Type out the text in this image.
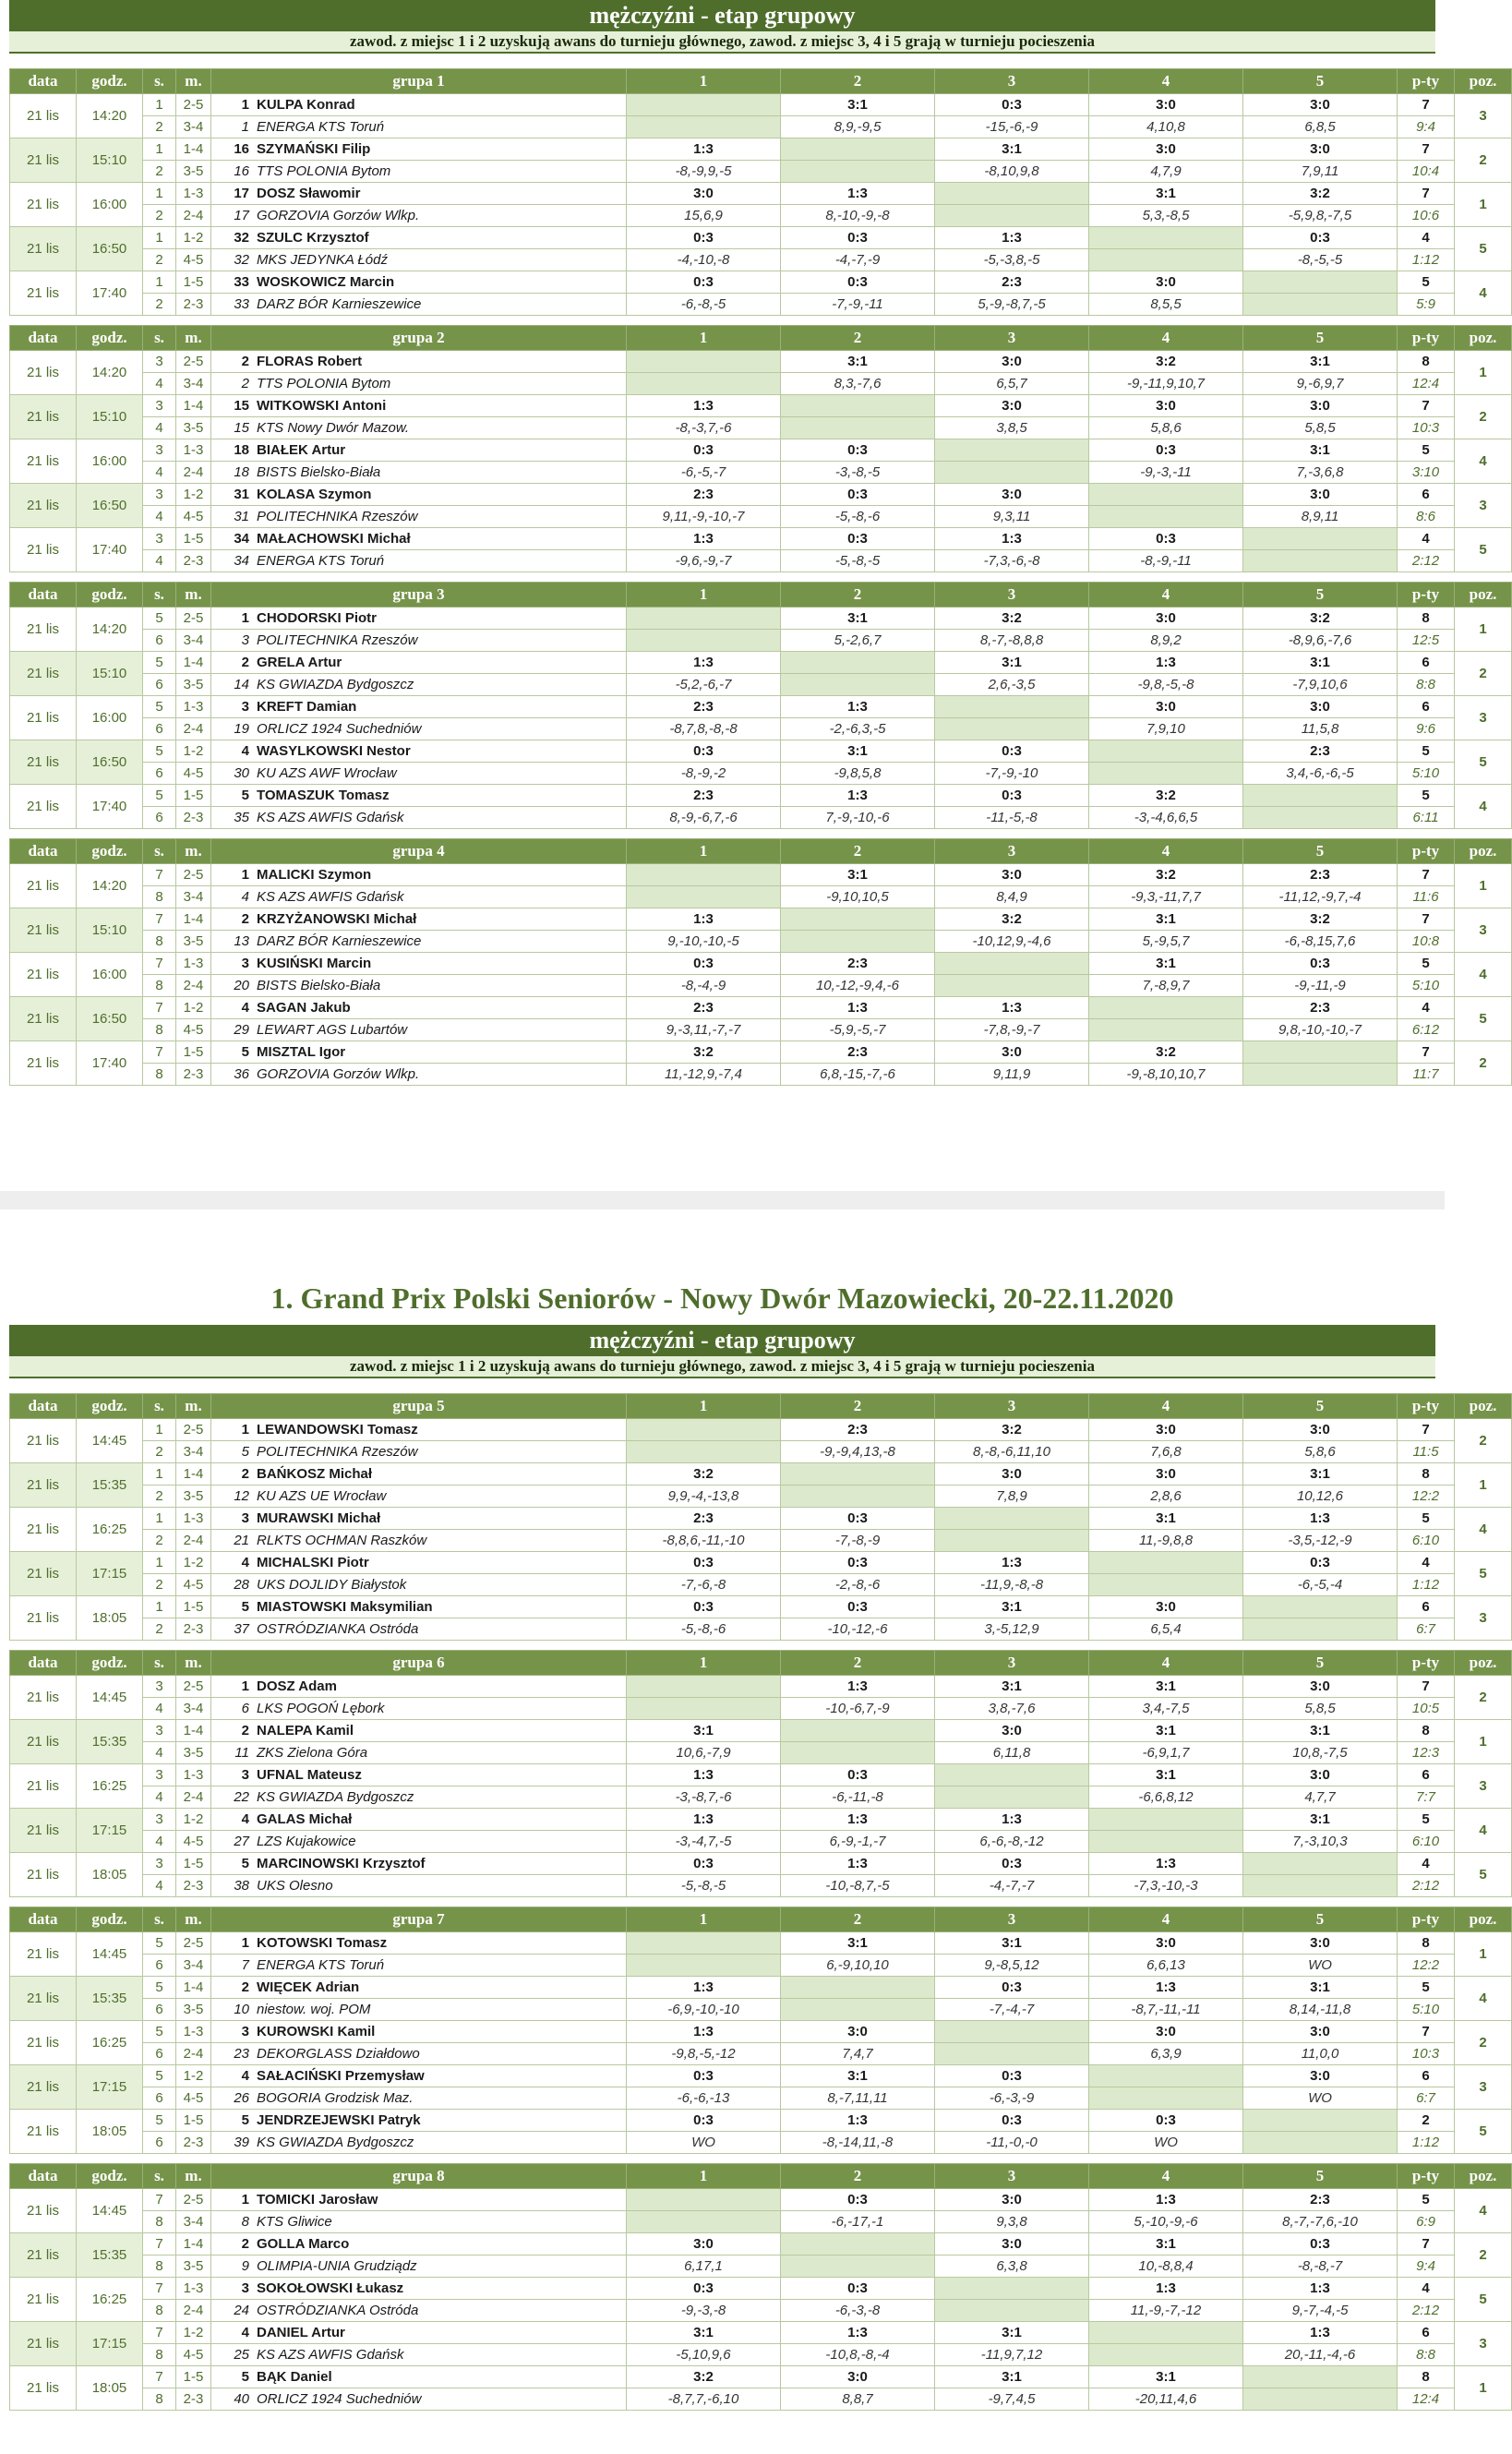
mężczyźni - etap grupowy
zawod. z miejsc 1 i 2 uzyskują awans do turnieju głównego, zawod. z miejsc 3, 4 i 5 grają w turnieju pocieszenia
data	godz.	s.	m.	grupa 1	1	2	3	4	5	p-ty	poz.
21 lis	14:20	1	2-5	1 KULPA Konrad		3:1	0:3	3:0	3:0	7	3
		2	3-4	1 ENERGA KTS Toruń		8,9,-9,5	-15,-6,-9	4,10,8	6,8,5	9:4	
21 lis	15:10	1	1-4	16 SZYMAŃSKI Filip	1:3		3:1	3:0	3:0	7	2
		2	3-5	16 TTS POLONIA Bytom	-8,-9,9,-5		-8,10,9,8	4,7,9	7,9,11	10:4	
21 lis	16:00	1	1-3	17 DOSZ Sławomir	3:0	1:3		3:1	3:2	7	1
		2	2-4	17 GORZOVIA Gorzów Wlkp.	15,6,9	8,-10,-9,-8		5,3,-8,5	-5,9,8,-7,5	10:6	
21 lis	16:50	1	1-2	32 SZULC Krzysztof	0:3	0:3	1:3		0:3	4	5
		2	4-5	32 MKS JEDYNKA Łódź	-4,-10,-8	-4,-7,-9	-5,-3,8,-5		-8,-5,-5	1:12	
21 lis	17:40	1	1-5	33 WOSKOWICZ Marcin	0:3	0:3	2:3	3:0		5	4
		2	2-3	33 DARZ BÓR Karnieszewice	-6,-8,-5	-7,-9,-11	5,-9,-8,7,-5	8,5,5		5:9	
data	godz.	s.	m.	grupa 2	1	2	3	4	5	p-ty	poz.
21 lis	14:20	3	2-5	2 FLORAS Robert		3:1	3:0	3:2	3:1	8	1
		4	3-4	2 TTS POLONIA Bytom		8,3,-7,6	6,5,7	-9,-11,9,10,7	9,-6,9,7	12:4	
21 lis	15:10	3	1-4	15 WITKOWSKI Antoni	1:3		3:0	3:0	3:0	7	2
		4	3-5	15 KTS Nowy Dwór Mazow.	-8,-3,7,-6		3,8,5	5,8,6	5,8,5	10:3	
21 lis	16:00	3	1-3	18 BIAŁEK Artur	0:3	0:3		0:3	3:1	5	4
		4	2-4	18 BISTS Bielsko-Biała	-6,-5,-7	-3,-8,-5		-9,-3,-11	7,-3,6,8	3:10	
21 lis	16:50	3	1-2	31 KOLASA Szymon	2:3	0:3	3:0		3:0	6	3
		4	4-5	31 POLITECHNIKA Rzeszów	9,11,-9,-10,-7	-5,-8,-6	9,3,11		8,9,11	8:6	
21 lis	17:40	3	1-5	34 MAŁACHOWSKI Michał	1:3	0:3	1:3	0:3		4	5
		4	2-3	34 ENERGA KTS Toruń	-9,6,-9,-7	-5,-8,-5	-7,3,-6,-8	-8,-9,-11		2:12	
data	godz.	s.	m.	grupa 3	1	2	3	4	5	p-ty	poz.
21 lis	14:20	5	2-5	1 CHODORSKI Piotr		3:1	3:2	3:0	3:2	8	1
		6	3-4	3 POLITECHNIKA Rzeszów		5,-2,6,7	8,-7,-8,8,8	8,9,2	-8,9,6,-7,6	12:5	
21 lis	15:10	5	1-4	2 GRELA Artur	1:3		3:1	1:3	3:1	6	2
		6	3-5	14 KS GWIAZDA Bydgoszcz	-5,2,-6,-7		2,6,-3,5	-9,8,-5,-8	-7,9,10,6	8:8	
21 lis	16:00	5	1-3	3 KREFT Damian	2:3	1:3		3:0	3:0	6	3
		6	2-4	19 ORLICZ 1924 Suchedniów	-8,7,8,-8,-8	-2,-6,3,-5		7,9,10	11,5,8	9:6	
21 lis	16:50	5	1-2	4 WASYLKOWSKI Nestor	0:3	3:1	0:3		2:3	5	5
		6	4-5	30 KU AZS AWF Wrocław	-8,-9,-2	-9,8,5,8	-7,-9,-10		3,4,-6,-6,-5	5:10	
21 lis	17:40	5	1-5	5 TOMASZUK Tomasz	2:3	1:3	0:3	3:2		5	4
		6	2-3	35 KS AZS AWFIS Gdańsk	8,-9,-6,7,-6	7,-9,-10,-6	-11,-5,-8	-3,-4,6,6,5		6:11	
data	godz.	s.	m.	grupa 4	1	2	3	4	5	p-ty	poz.
21 lis	14:20	7	2-5	1 MALICKI Szymon		3:1	3:0	3:2	2:3	7	1
		8	3-4	4 KS AZS AWFIS Gdańsk		-9,10,10,5	8,4,9	-9,3,-11,7,7	-11,12,-9,7,-4	11:6	
21 lis	15:10	7	1-4	2 KRZYŻANOWSKI Michał	1:3		3:2	3:1	3:2	7	3
		8	3-5	13 DARZ BÓR Karnieszewice	9,-10,-10,-5		-10,12,9,-4,6	5,-9,5,7	-6,-8,15,7,6	10:8	
21 lis	16:00	7	1-3	3 KUSIŃSKI Marcin	0:3	2:3		3:1	0:3	5	4
		8	2-4	20 BISTS Bielsko-Biała	-8,-4,-9	10,-12,-9,4,-6		7,-8,9,7	-9,-11,-9	5:10	
21 lis	16:50	7	1-2	4 SAGAN Jakub	2:3	1:3	1:3		2:3	4	5
		8	4-5	29 LEWART AGS Lubartów	9,-3,11,-7,-7	-5,9,-5,-7	-7,8,-9,-7		9,8,-10,-10,-7	6:12	
21 lis	17:40	7	1-5	5 MISZTAL Igor	3:2	2:3	3:0	3:2		7	2
		8	2-3	36 GORZOVIA Gorzów Wlkp.	11,-12,9,-7,4	6,8,-15,-7,-6	9,11,9	-9,-8,10,10,7		11:7	
1. Grand Prix Polski Seniorów - Nowy Dwór Mazowiecki, 20-22.11.2020
mężczyźni - etap grupowy
zawod. z miejsc 1 i 2 uzyskują awans do turnieju głównego, zawod. z miejsc 3, 4 i 5 grają w turnieju pocieszenia
data	godz.	s.	m.	grupa 5	1	2	3	4	5	p-ty	poz.
21 lis	14:45	1	2-5	1 LEWANDOWSKI Tomasz		2:3	3:2	3:0	3:0	7	2
		2	3-4	5 POLITECHNIKA Rzeszów		-9,-9,4,13,-8	8,-8,-6,11,10	7,6,8	5,8,6	11:5	
21 lis	15:35	1	1-4	2 BAŃKOSZ Michał	3:2		3:0	3:0	3:1	8	1
		2	3-5	12 KU AZS UE Wrocław	9,9,-4,-13,8		7,8,9	2,8,6	10,12,6	12:2	
21 lis	16:25	1	1-3	3 MURAWSKI Michał	2:3	0:3		3:1	1:3	5	4
		2	2-4	21 RLKTS OCHMAN Raszków	-8,8,6,-11,-10	-7,-8,-9		11,-9,8,8	-3,5,-12,-9	6:10	
21 lis	17:15	1	1-2	4 MICHALSKI Piotr	0:3	0:3	1:3		0:3	4	5
		2	4-5	28 UKS DOJLIDY Białystok	-7,-6,-8	-2,-8,-6	-11,9,-8,-8		-6,-5,-4	1:12	
21 lis	18:05	1	1-5	5 MIASTOWSKI Maksymilian	0:3	0:3	3:1	3:0		6	3
		2	2-3	37 OSTRÓDZIANKA Ostróda	-5,-8,-6	-10,-12,-6	3,-5,12,9	6,5,4		6:7	
data	godz.	s.	m.	grupa 6	1	2	3	4	5	p-ty	poz.
21 lis	14:45	3	2-5	1 DOSZ Adam		1:3	3:1	3:1	3:0	7	2
		4	3-4	6 LKS POGOŃ Lębork		-10,-6,7,-9	3,8,-7,6	3,4,-7,5	5,8,5	10:5	
21 lis	15:35	3	1-4	2 NALEPA Kamil	3:1		3:0	3:1	3:1	8	1
		4	3-5	11 ZKS Zielona Góra	10,6,-7,9		6,11,8	-6,9,1,7	10,8,-7,5	12:3	
21 lis	16:25	3	1-3	3 UFNAL Mateusz	1:3	0:3		3:1	3:0	6	3
		4	2-4	22 KS GWIAZDA Bydgoszcz	-3,-8,7,-6	-6,-11,-8		-6,6,8,12	4,7,7	7:7	
21 lis	17:15	3	1-2	4 GALAS Michał	1:3	1:3	1:3		3:1	5	4
		4	4-5	27 LZS Kujakowice	-3,-4,7,-5	6,-9,-1,-7	6,-6,-8,-12		7,-3,10,3	6:10	
21 lis	18:05	3	1-5	5 MARCINOWSKI Krzysztof	0:3	1:3	0:3	1:3		4	5
		4	2-3	38 UKS Olesno	-5,-8,-5	-10,-8,7,-5	-4,-7,-7	-7,3,-10,-3		2:12	
data	godz.	s.	m.	grupa 7	1	2	3	4	5	p-ty	poz.
21 lis	14:45	5	2-5	1 KOTOWSKI Tomasz		3:1	3:1	3:0	3:0	8	1
		6	3-4	7 ENERGA KTS Toruń		6,-9,10,10	9,-8,5,12	6,6,13	WO	12:2	
21 lis	15:35	5	1-4	2 WIĘCEK Adrian	1:3		0:3	1:3	3:1	5	4
		6	3-5	10 niestow. woj. POM	-6,9,-10,-10		-7,-4,-7	-8,7,-11,-11	8,14,-11,8	5:10	
21 lis	16:25	5	1-3	3 KUROWSKI Kamil	1:3	3:0		3:0	3:0	7	2
		6	2-4	23 DEKORGLASS Działdowo	-9,8,-5,-12	7,4,7		6,3,9	11,0,0	10:3	
21 lis	17:15	5	1-2	4 SAŁACIŃSKI Przemysław	0:3	3:1	0:3		3:0	6	3
		6	4-5	26 BOGORIA Grodzisk Maz.	-6,-6,-13	8,-7,11,11	-6,-3,-9		WO	6:7	
21 lis	18:05	5	1-5	5 JENDRZEJEWSKI Patryk	0:3	1:3	0:3	0:3		2	5
		6	2-3	39 KS GWIAZDA Bydgoszcz	WO	-8,-14,11,-8	-11,-0,-0	WO		1:12	
data	godz.	s.	m.	grupa 8	1	2	3	4	5	p-ty	poz.
21 lis	14:45	7	2-5	1 TOMICKI Jarosław		0:3	3:0	1:3	2:3	5	4
		8	3-4	8 KTS Gliwice		-6,-17,-1	9,3,8	5,-10,-9,-6	8,-7,-7,6,-10	6:9	
21 lis	15:35	7	1-4	2 GOLLA Marco	3:0		3:0	3:1	0:3	7	2
		8	3-5	9 OLIMPIA-UNIA Grudziądz	6,17,1		6,3,8	10,-8,8,4	-8,-8,-7	9:4	
21 lis	16:25	7	1-3	3 SOKOŁOWSKI Łukasz	0:3	0:3		1:3	1:3	4	5
		8	2-4	24 OSTRÓDZIANKA Ostróda	-9,-3,-8	-6,-3,-8		11,-9,-7,-12	9,-7,-4,-5	2:12	
21 lis	17:15	7	1-2	4 DANIEL Artur	3:1	1:3	3:1		1:3	6	3
		8	4-5	25 KS AZS AWFIS Gdańsk	-5,10,9,6	-10,8,-8,-4	-11,9,7,12		20,-11,-4,-6	8:8	
21 lis	18:05	7	1-5	5 BĄK Daniel	3:2	3:0	3:1	3:1		8	1
		8	2-3	40 ORLICZ 1924 Suchedniów	-8,7,7,-6,10	8,8,7	-9,7,4,5	-20,11,4,6		12:4	
